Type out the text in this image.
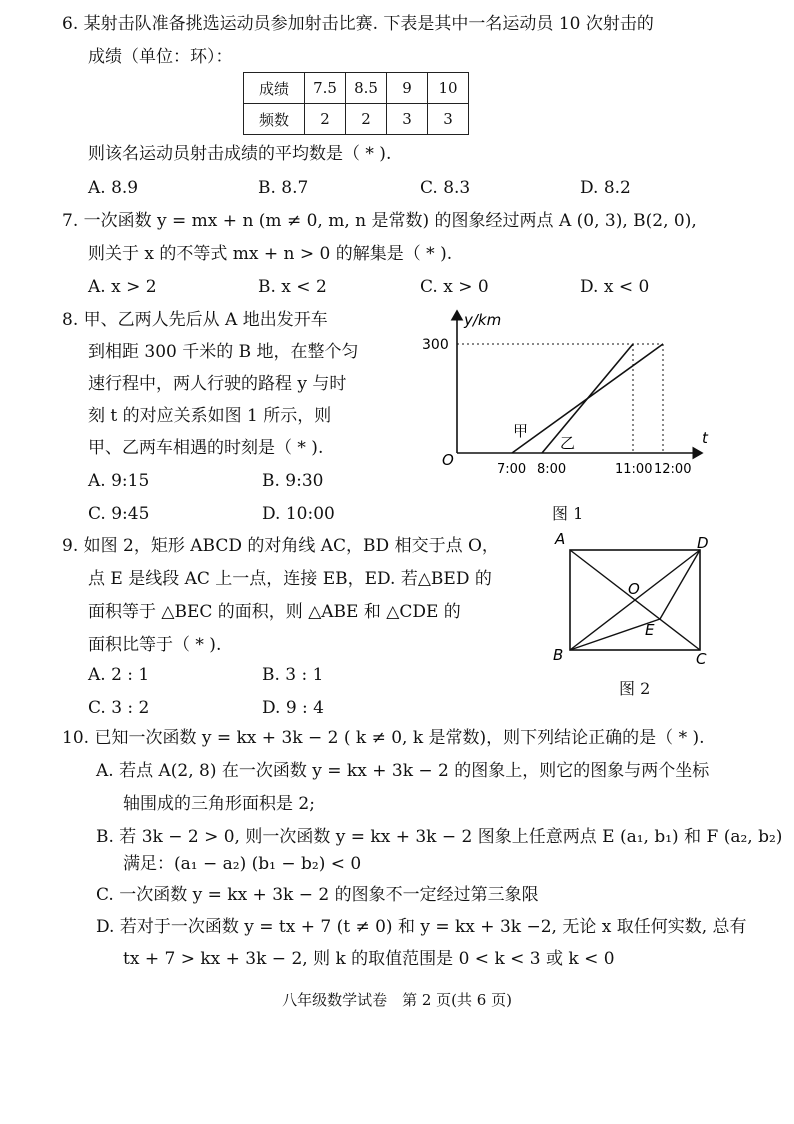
6. 某射击队准备挑选运动员参加射击比赛. 下表是其中一名运动员 10 次射击的
成绩（单位：环）：
成绩	7.5	8.5	9	10
频数	2	2	3	3
则该名运动员射击成绩的平均数是（ * ).
A. 8.9	B. 8.7	C. 8.3	D. 8.2
7. 一次函数 y = mx + n (m ≠ 0, m, n 是常数) 的图象经过两点 A (0, 3), B(2, 0),
则关于 x 的不等式 mx + n > 0 的解集是（ * ).
A. x > 2	B. x < 2	C. x > 0	D. x < 0
8. 甲、乙两人先后从 A 地出发开车
到相距 300 千米的 B 地，在整个匀
速行程中，两人行驶的路程 y 与时
刻 t 的对应关系如图 1 所示，则
甲、乙两车相遇的时刻是（ * ).
A. 9:15	B. 9:30
C. 9:45	D. 10:00
y/km
t
O
300
7:00 8:00	11:00 12:00
甲
乙
图 1
9. 如图 2，矩形 ABCD 的对角线 AC，BD 相交于点 O，
点 E 是线段 AC 上一点，连接 EB，ED. 若△BED 的
面积等于 △BEC 的面积，则 △ABE 和 △CDE 的
面积比等于（ * ).
A. 2 : 1	B. 3 : 1
C. 3 : 2	D. 9 : 4
A	D
B	C
O
E
图 2
10. 已知一次函数 y = kx + 3k − 2 ( k ≠ 0, k 是常数)，则下列结论正确的是（ * ).
A. 若点 A(2, 8) 在一次函数 y = kx + 3k − 2 的图象上，则它的图象与两个坐标
轴围成的三角形面积是 2;
B. 若 3k − 2 > 0, 则一次函数 y = kx + 3k − 2 图象上任意两点 E (a₁, b₁) 和 F (a₂, b₂)
满足：(a₁ − a₂) (b₁ − b₂) < 0
C. 一次函数 y = kx + 3k − 2 的图象不一定经过第三象限
D. 若对于一次函数 y = tx + 7 (t ≠ 0) 和 y = kx + 3k −2, 无论 x 取任何实数, 总有
tx + 7 > kx + 3k − 2, 则 k 的取值范围是 0 < k < 3 或 k < 0
八年级数学试卷　第 2 页(共 6 页)
